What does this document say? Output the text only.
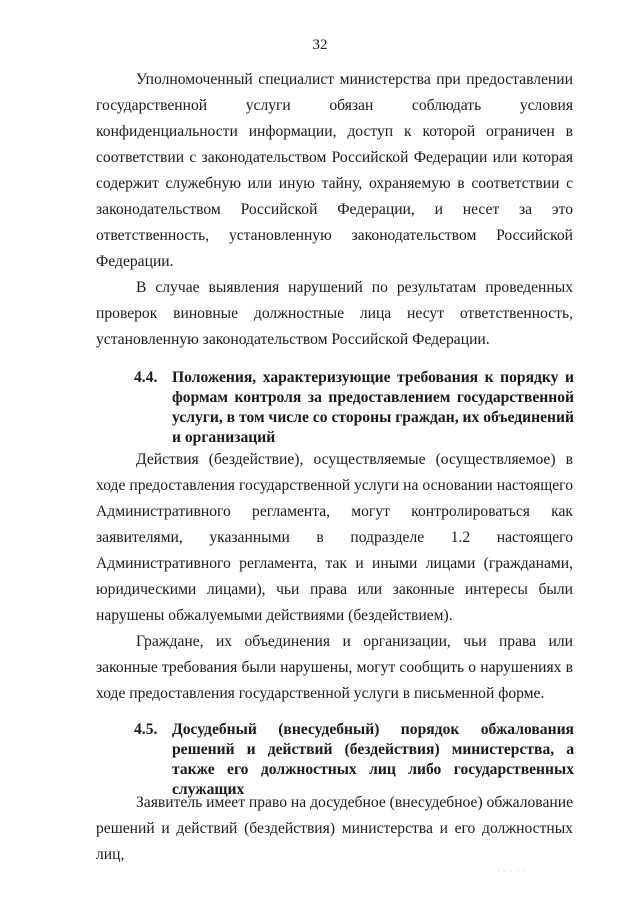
32

Уполномоченный специалист министерства при предоставлении государственной услуги обязан соблюдать условия конфиденциальности информации, доступ к которой ограничен в соответствии с законодательством Российской Федерации или которая содержит служебную или иную тайну, охраняемую в соответствии с законодательством Российской Федерации, и несет за это ответственность, установленную законодательством Российской Федерации.

В случае выявления нарушений по результатам проведенных проверок виновные должностные лица несут ответственность, установленную законодательством Российской Федерации.

4.4. Положения, характеризующие требования к порядку и формам контроля за предоставлением государственной услуги, в том числе со стороны граждан, их объединений и организаций

Действия (бездействие), осуществляемые (осуществляемое) в ходе предоставления государственной услуги на основании настоящего Административного регламента, могут контролироваться как заявителями, указанными в подразделе 1.2 настоящего Административного регламента, так и иными лицами (гражданами, юридическими лицами), чьи права или законные интересы были нарушены обжалуемыми действиями (бездействием).

Граждане, их объединения и организации, чьи права или законные требования были нарушены, могут сообщить о нарушениях в ходе предоставления государственной услуги в письменной форме.

4.5. Досудебный (внесудебный) порядок обжалования решений и действий (бездействия) министерства, а также его должностных лиц либо государственных служащих

Заявитель имеет право на досудебное (внесудебное) обжалование решений и действий (бездействия) министерства и его должностных лиц,

· · · · ·
